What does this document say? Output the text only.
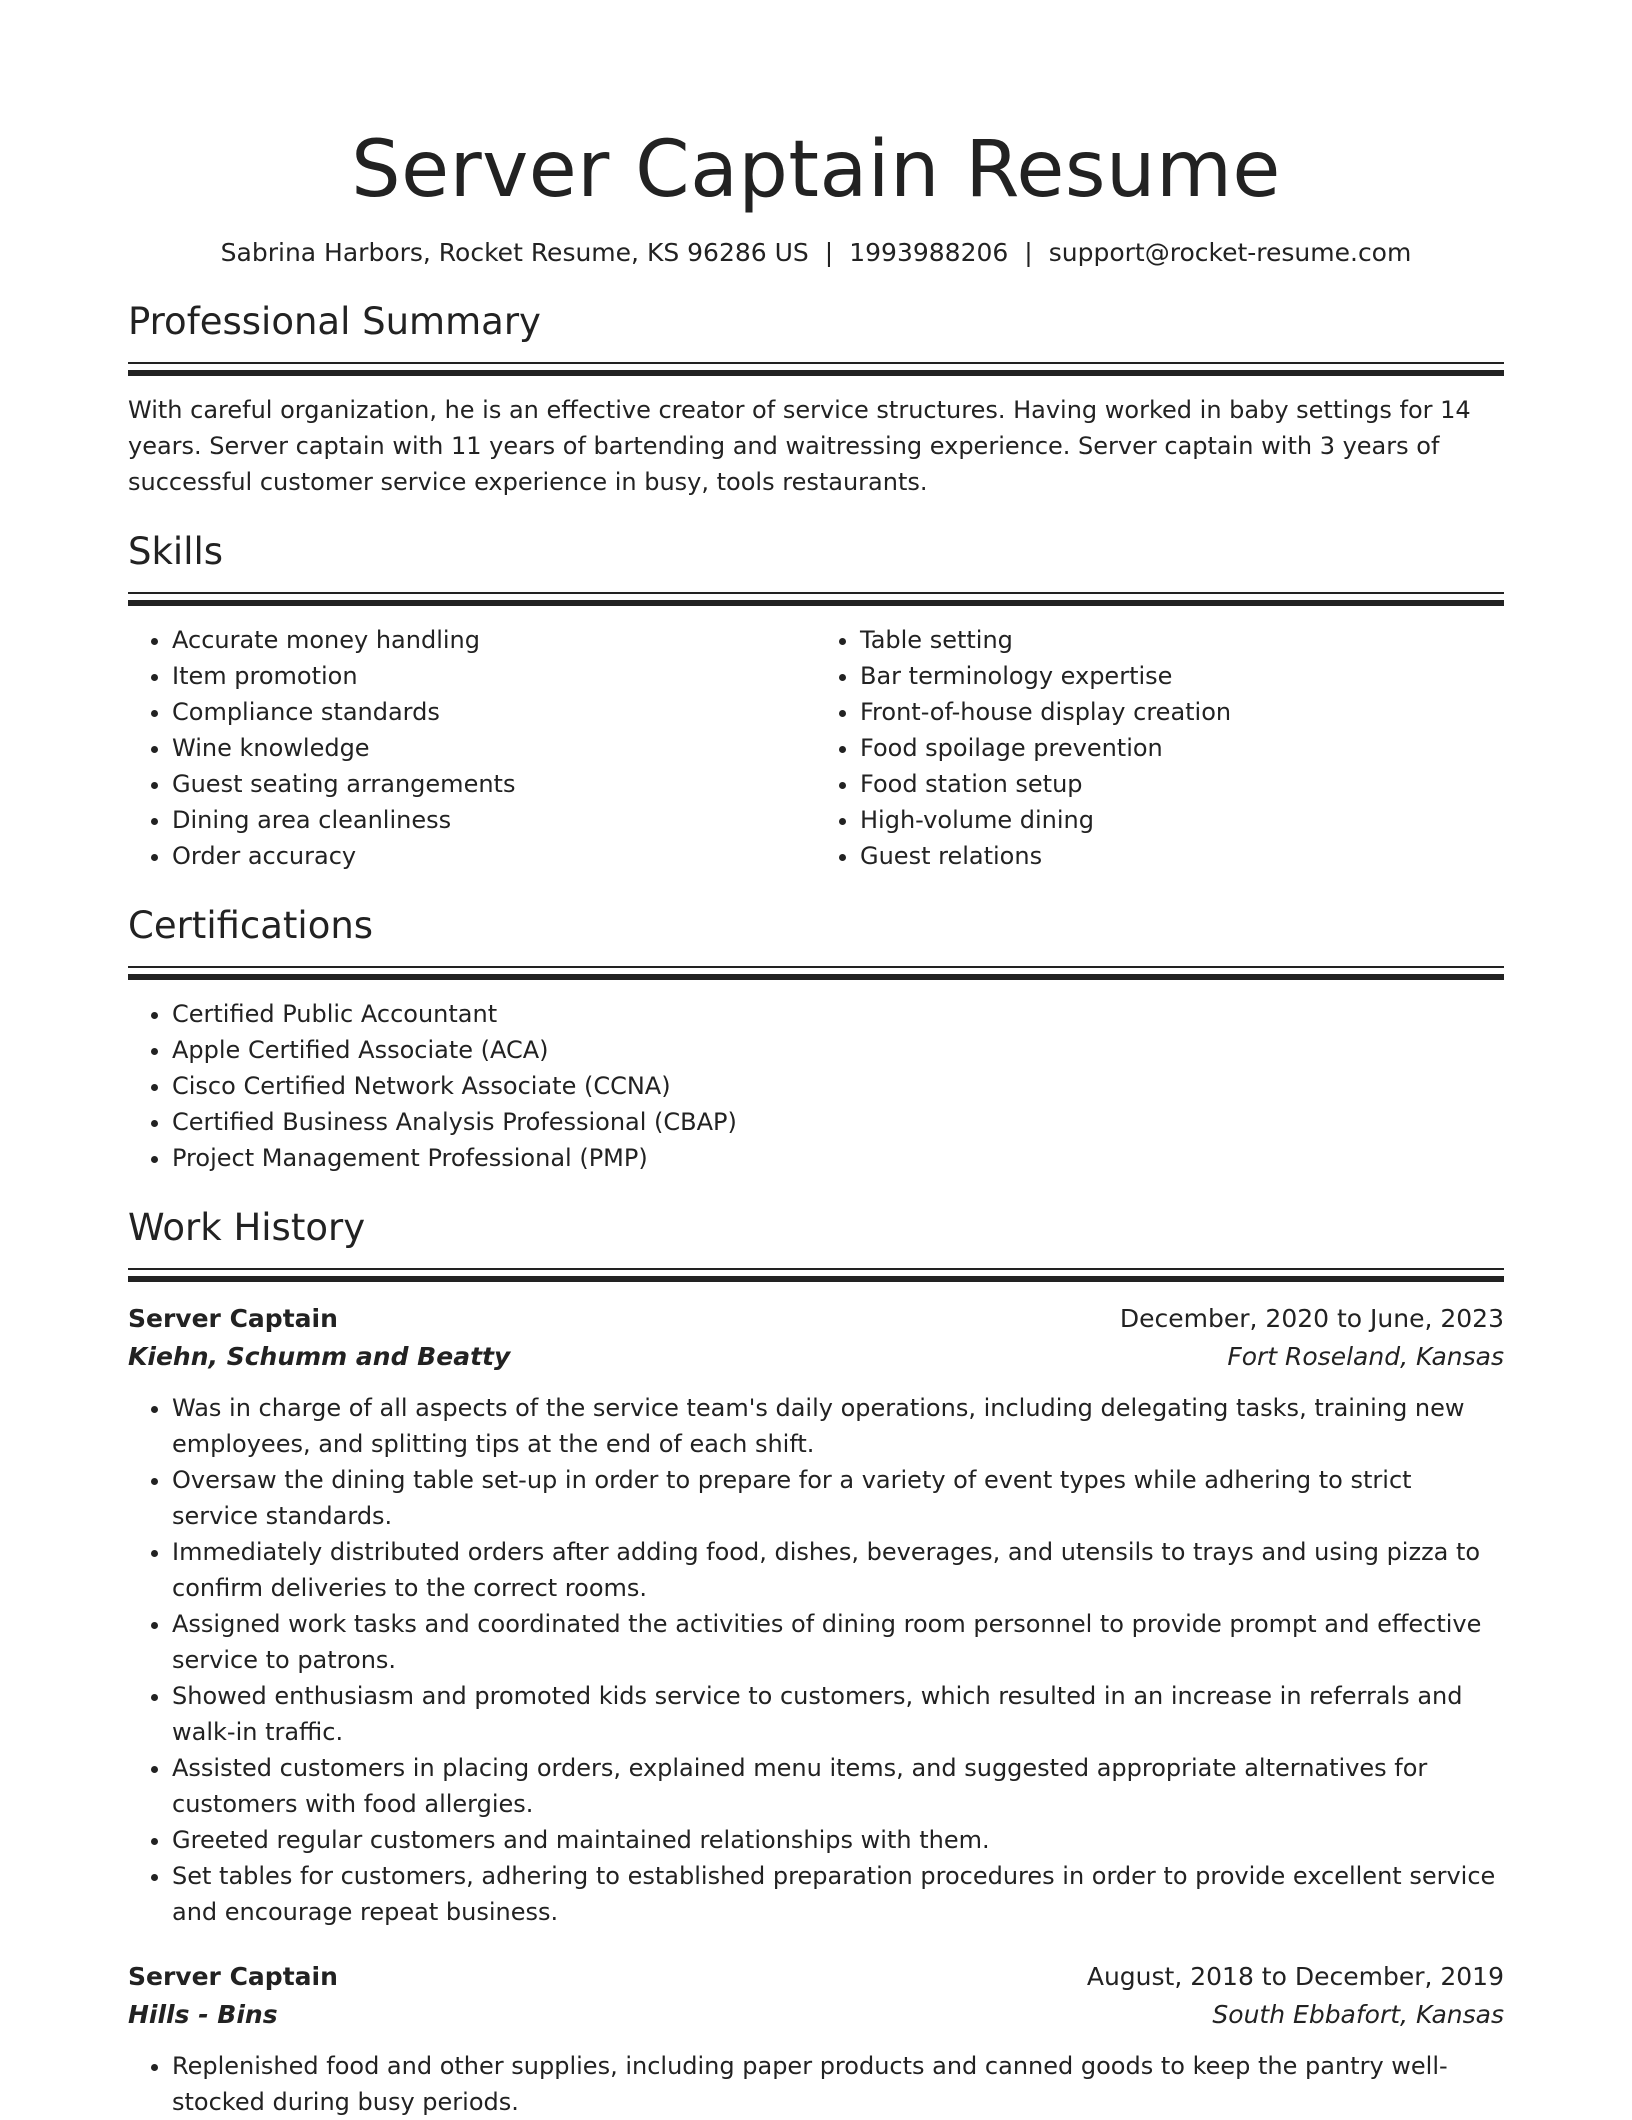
Server Captain Resume
Sabrina Harbors, Rocket Resume, KS 96286 US | 1993988206 | support@rocket-resume.com
Professional Summary

With careful organization, he is an effective creator of service structures. Having worked in baby settings for 14 years. Server captain with 11 years of bartending and waitressing experience. Server captain with 3 years of successful customer service experience in busy, tools restaurants.

Skills
• Accurate money handling
• Item promotion
• Compliance standards
• Wine knowledge
• Guest seating arrangements
• Dining area cleanliness
• Order accuracy
• Table setting
• Bar terminology expertise
• Front-of-house display creation
• Food spoilage prevention
• Food station setup
• High-volume dining
• Guest relations
Certifications
• Certified Public Accountant
• Apple Certified Associate (ACA)
• Cisco Certified Network Associate (CCNA)
• Certified Business Analysis Professional (CBAP)
• Project Management Professional (PMP)
Work History
Server Captain	December, 2020 to June, 2023
Kiehn, Schumm and Beatty	Fort Roseland, Kansas
• Was in charge of all aspects of the service team's daily operations, including delegating tasks, training new employees, and splitting tips at the end of each shift.
• Oversaw the dining table set-up in order to prepare for a variety of event types while adhering to strict service standards.
• Immediately distributed orders after adding food, dishes, beverages, and utensils to trays and using pizza to confirm deliveries to the correct rooms.
• Assigned work tasks and coordinated the activities of dining room personnel to provide prompt and effective service to patrons.
• Showed enthusiasm and promoted kids service to customers, which resulted in an increase in referrals and walk-in traffic.
• Assisted customers in placing orders, explained menu items, and suggested appropriate alternatives for customers with food allergies.
• Greeted regular customers and maintained relationships with them.
• Set tables for customers, adhering to established preparation procedures in order to provide excellent service and encourage repeat business.
Server Captain	August, 2018 to December, 2019
Hills - Bins	South Ebbafort, Kansas
• Replenished food and other supplies, including paper products and canned goods to keep the pantry well-stocked during busy periods.
